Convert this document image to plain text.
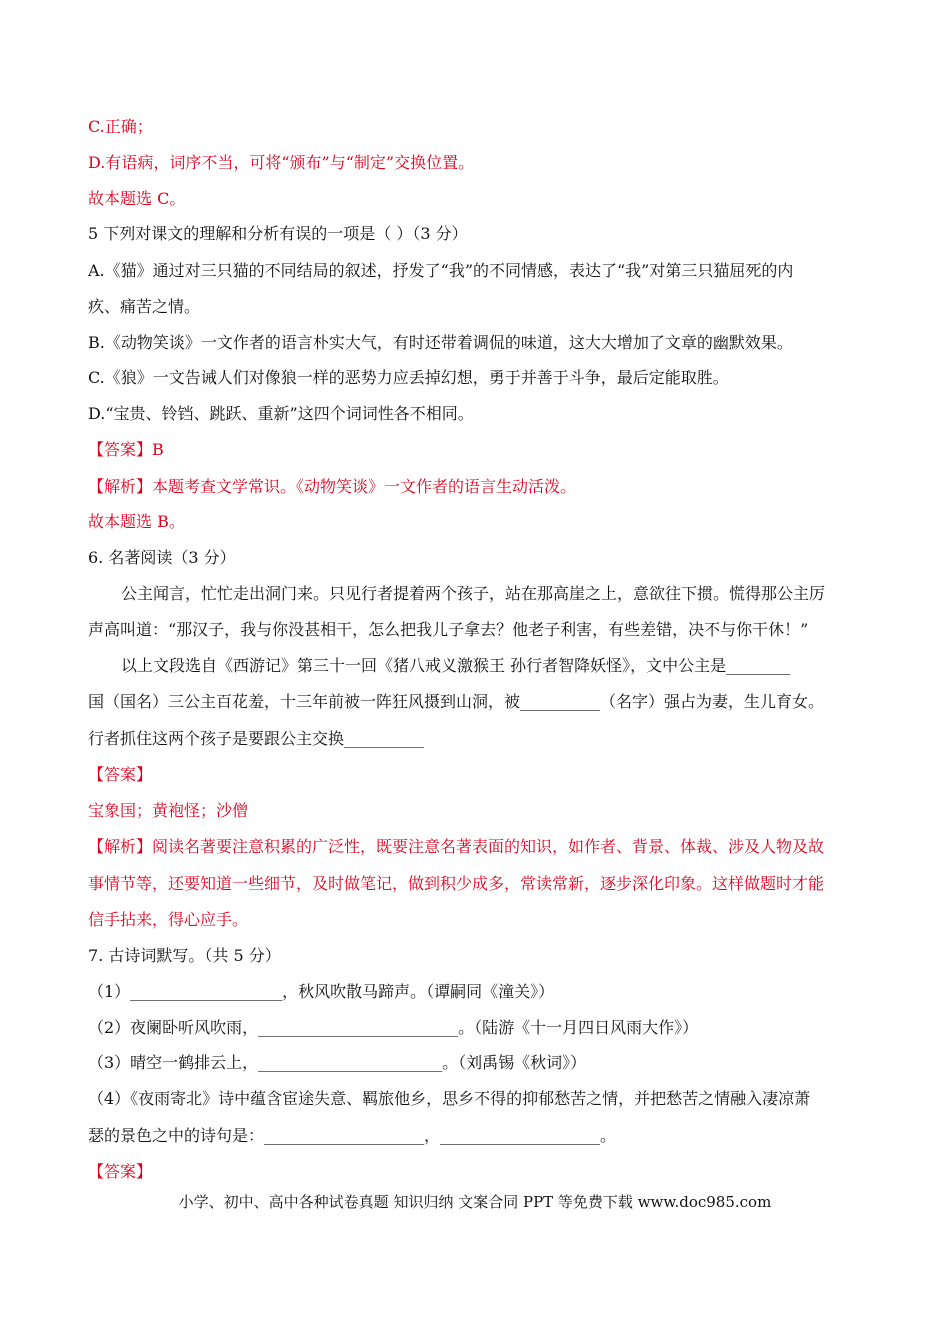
C.正确；
D.有语病，词序不当，可将“颁布”与“制定”交换位置。
故本题选 C。
5 下列对课文的理解和分析有误的一项是（ ）（3 分）
A.《猫》通过对三只猫的不同结局的叙述，抒发了“我”的不同情感，表达了“我”对第三只猫屈死的内
疚、痛苦之情。
B.《动物笑谈》一文作者的语言朴实大气，有时还带着调侃的味道，这大大增加了文章的幽默效果。
C.《狼》一文告诫人们对像狼一样的恶势力应丢掉幻想，勇于并善于斗争，最后定能取胜。
D.“宝贵、铃铛、跳跃、重新”这四个词词性各不相同。
【答案】B
【解析】本题考查文学常识。《动物笑谈》一文作者的语言生动活泼。
故本题选 B。
6. 名著阅读（3 分）
公主闻言，忙忙走出洞门来。只见行者提着两个孩子，站在那高崖之上，意欲往下掼。慌得那公主厉
声高叫道：“那汉子，我与你没甚相干，怎么把我儿子拿去？他老子利害，有些差错，决不与你干休！”
以上文段选自《西游记》第三十一回《猪八戒义激猴王 孙行者智降妖怪》，文中公主是________
国（国名）三公主百花羞，十三年前被一阵狂风摄到山洞，被__________（名字）强占为妻，生儿育女。
行者抓住这两个孩子是要跟公主交换__________
【答案】
宝象国；黄袍怪；沙僧
【解析】阅读名著要注意积累的广泛性，既要注意名著表面的知识，如作者、背景、体裁、涉及人物及故
事情节等，还要知道一些细节，及时做笔记，做到积少成多，常读常新，逐步深化印象。这样做题时才能
信手拈来，得心应手。
7. 古诗词默写。（共 5 分）
（1）___________________，秋风吹散马蹄声。（谭嗣同《潼关》）
（2）夜阑卧听风吹雨，_________________________。（陆游《十一月四日风雨大作》）
（3）晴空一鹤排云上，_______________________。（刘禹锡《秋词》）
（4）《夜雨寄北》诗中蕴含宦途失意、羁旅他乡，思乡不得的抑郁愁苦之情，并把愁苦之情融入凄凉萧
瑟的景色之中的诗句是：____________________，____________________。
【答案】
小学、初中、高中各种试卷真题 知识归纳 文案合同 PPT 等免费下载 www.doc985.com
